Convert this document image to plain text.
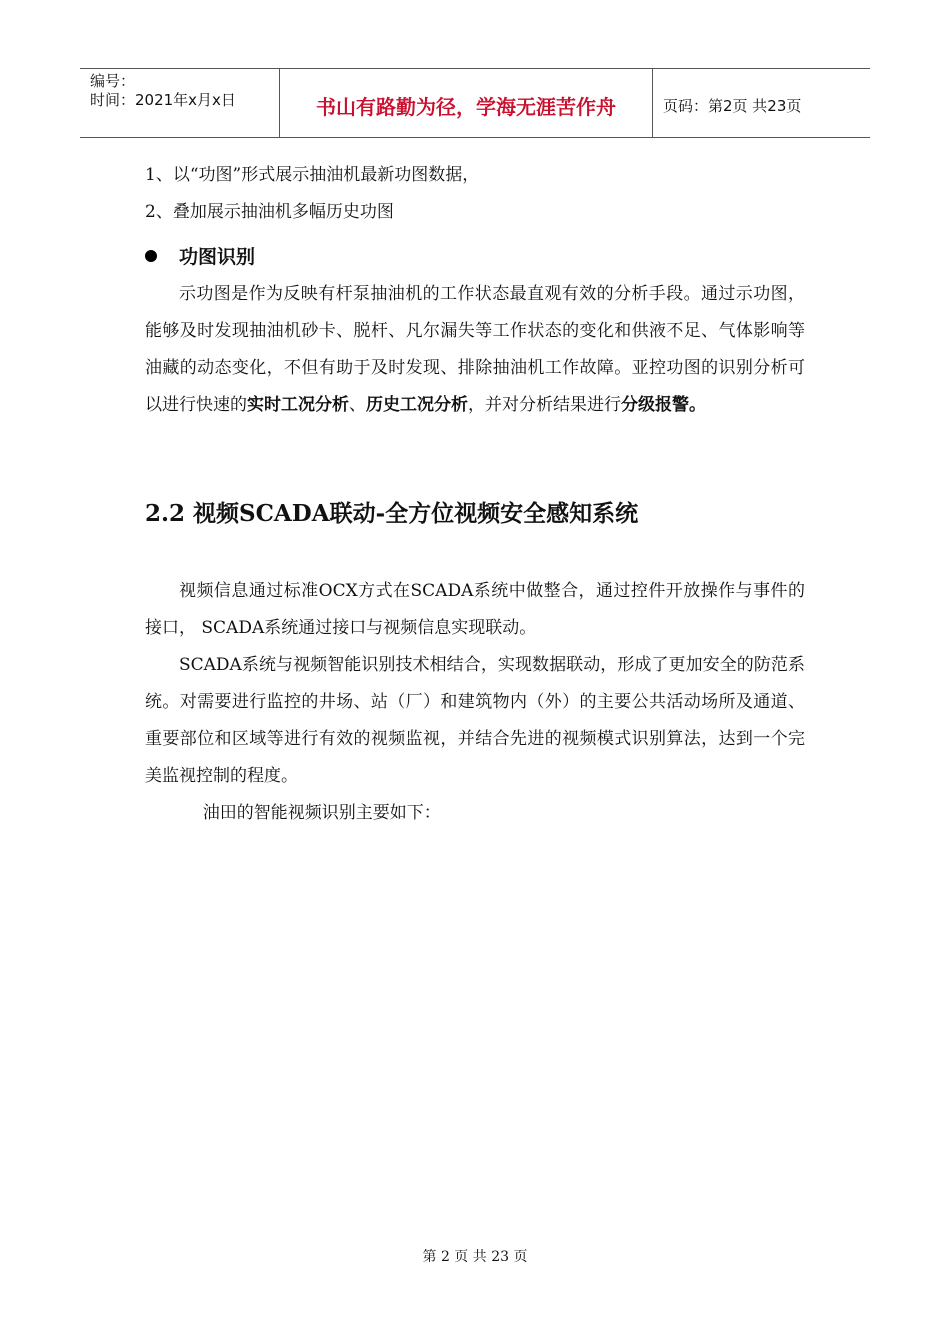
编号：
时间：2021年x月x日	书山有路勤为径，学海无涯苦作舟	页码：第2页 共23页
1、以“功图”形式展示抽油机最新功图数据，
2、叠加展示抽油机多幅历史功图
功图识别

示功图是作为反映有杆泵抽油机的工作状态最直观有效的分析手段。通过示功图，能够及时发现抽油机砂卡、脱杆、凡尔漏失等工作状态的变化和供液不足、气体影响等油藏的动态变化，不但有助于及时发现、排除抽油机工作故障。亚控功图的识别分析可以进行快速的实时工况分析、历史工况分析，并对分析结果进行分级报警。

2.2 视频SCADA联动-全方位视频安全感知系统

视频信息通过标准OCX方式在SCADA系统中做整合，通过控件开放操作与事件的接口， SCADA系统通过接口与视频信息实现联动。

SCADA系统与视频智能识别技术相结合，实现数据联动，形成了更加安全的防范系统。对需要进行监控的井场、站（厂）和建筑物内（外）的主要公共活动场所及通道、重要部位和区域等进行有效的视频监视，并结合先进的视频模式识别算法，达到一个完美监视控制的程度。

油田的智能视频识别主要如下：

第 2 页 共 23 页
